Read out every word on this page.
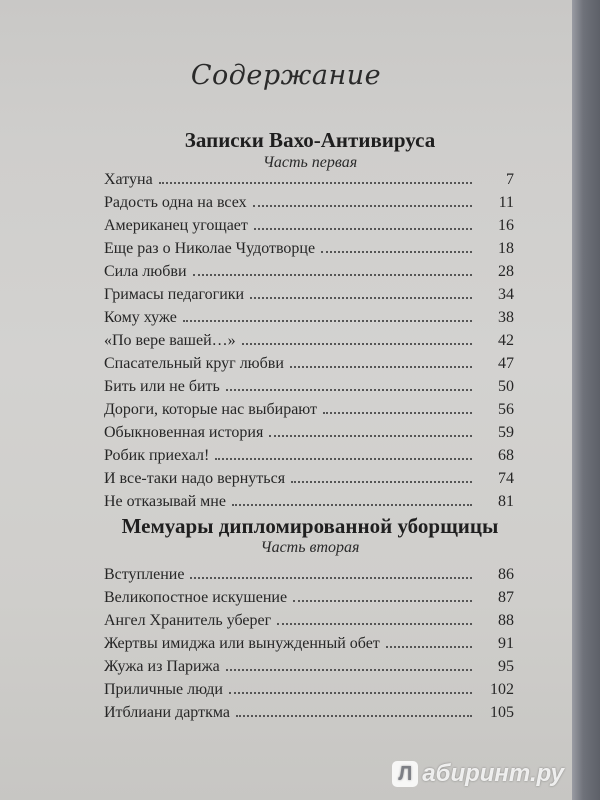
Содержание
Записки Вахо-Антивируса
Часть первая
Хатуна	7
Радость одна на всех	11
Американец угощает	16
Еще раз о Николае Чудотворце	18
Сила любви	28
Гримасы педагогики	34
Кому хуже	38
«По вере вашей…»	42
Спасательный круг любви	47
Бить или не бить	50
Дороги, которые нас выбирают	56
Обыкновенная история	59
Робик приехал!	68
И все-таки надо вернуться	74
Не отказывай мне	81
Мемуары дипломированной уборщицы
Часть вторая
Вступление	86
Великопостное искушение	87
Ангел Хранитель уберег	88
Жертвы имиджа или вынужденный обет	91
Жужа из Парижа	95
Приличные люди	102
Итблиани дарткма	105
Л абиринт.ру
